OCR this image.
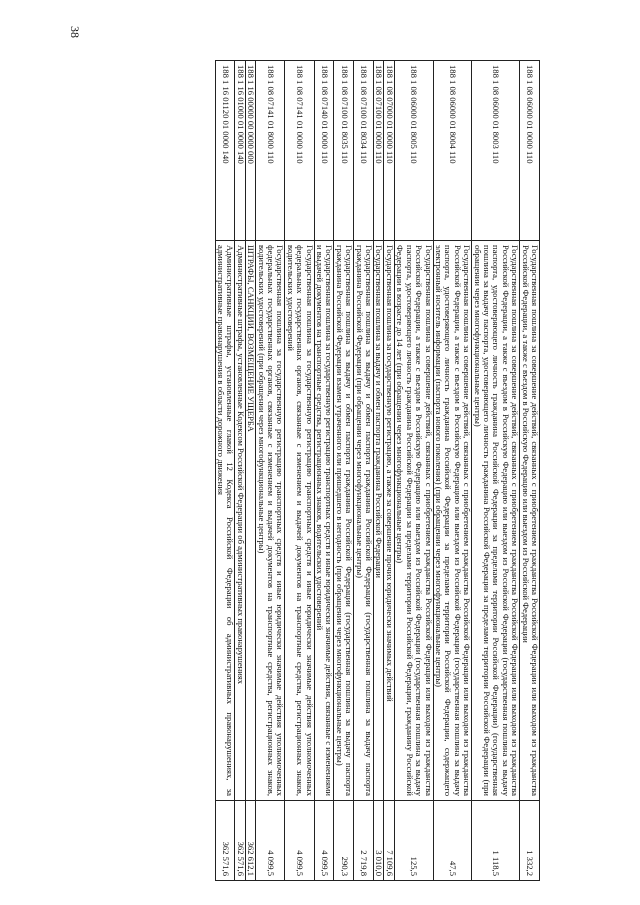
38
188 1 08 06000 01 0000 110	Государственная пошлина за совершение действий, связанных с приобретением гражданства Российской Федерации или выходом из гражданства Российской Федерации, а также с въездом в Российскую Федерацию или выездом из Российской Федерации	1 332,2
188 1 08 06000 01 8003 110	Государственная пошлина за совершение действий, связанных с приобретением гражданства Российской Федерации или выходом из гражданства Российской Федерации, а также с въездом в Российскую Федерацию или выездом из Российской Федерации (государственная пошлина за выдачу паспорта, удостоверяющего личность гражданина Российской Федерации за пределами территории Российской Федерации) (государственная пошлина за выдачу паспорта, удостоверяющего личность гражданина Российской Федерации за пределами территории Российской Федерации (при обращении через многофункциональные центры)	1 118,5
188 1 08 06000 01 8004 110	Государственная пошлина за совершение действий, связанных с приобретением гражданства Российской Федерации или выходом из гражданства Российской Федерации, а также с въездом в Российскую Федерацию или выездом из Российской Федерации (государственная пошлина за выдачу паспорта, удостоверяющего личность гражданина Российской Федерации за пределами территории Российской Федерации, содержащего электронный носитель информации (паспорта нового поколения) (при обращении через многофункциональные центры)	47,5
188 1 08 06000 01 8005 110	Государственная пошлина за совершение действий, связанных с приобретением гражданства Российской Федерации или выходом из гражданства Российской Федерации, а также с въездом в Российскую Федерацию или выездом из Российской Федерации (государственная пошлина за выдачу паспорта, удостоверяющего личность гражданина Российской Федерации за пределами территории Российской Федерации, гражданину Российской Федерации в возрасте до 14 лет (при обращении через многофункциональные центры)	125,5
188 1 08 07000 01 0000 110	Государственная пошлина за государственную регистрацию, а также за совершение прочих юридически значимых действий	7 109,6
188 1 08 07100 01 0000 110	Государственная пошлина за выдачу и обмен паспорта гражданина Российской Федерации	3 010,0
188 1 08 07100 01 8034 110	Государственная пошлина за выдачу и обмен паспорта гражданина Российской Федерации (государственная пошлина за выдачу паспорта гражданина Российской Федерации (при обращении через многофункциональные центры)	2 719,8
188 1 08 07100 01 8035 110	Государственная пошлина за выдачу и обмен паспорта гражданина Российской Федерации (государственная пошлина за выдачу паспорта гражданина Российской Федерации взамен утраченного или пришедшего в негодность (при обращении через многофункциональные центры)	290,3
188 1 08 07140 01 0000 110	Государственная пошлина за государственную регистрацию транспортных средств и иные юридически значимые действия, связанные с изменениями и выдачей документов на транспортные средства, регистрационных знаков, водительских удостоверений	4 099,5
188 1 08 07141 01 0000 110	Государственная пошлина за государственную регистрацию транспортных средств и иные юридически значимые действия уполномоченных федеральных государственных органов, связанные с изменением и выдачей документов на транспортные средства, регистрационных знаков, водительских удостоверений	4 099,5
188 1 08 07141 01 8000 110	Государственная пошлина за государственную регистрацию транспортных средств и иные юридически значимые действия уполномоченных федеральных государственных органов, связанные с изменением и выдачей документов на транспортные средства, регистрационных знаков, водительских удостоверений (при обращении через многофункциональные центры)	4 099,5
188 1 16 00000 00 0000 000	ШТРАФЫ, САНКЦИИ, ВОЗМЕЩЕНИЕ УЩЕРБА	362 612,1
188 1 16 01000 01 0000 140	Административные штрафы, установленные Кодексом Российской Федерации об административных правонарушениях	362 571,6
188 1 16 01120 01 0000 140	Административные штрафы, установленные главой 12 Кодекса Российской Федерации об административных правонарушениях, за административные правонарушения в области дорожного движения	362 571,6
